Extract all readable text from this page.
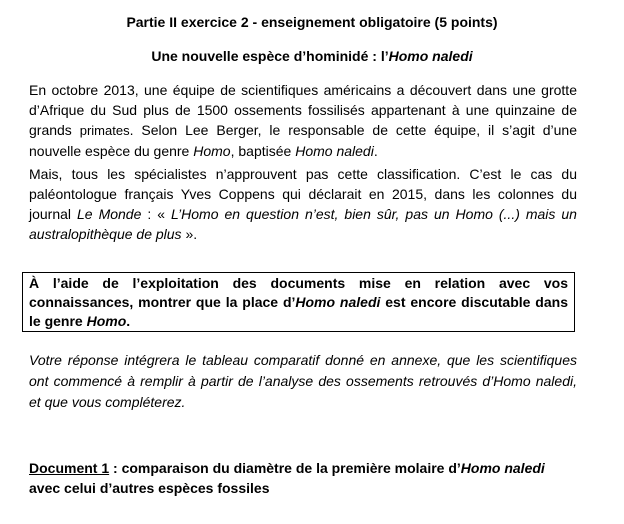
Partie II exercice 2 - enseignement obligatoire (5 points)
Une nouvelle espèce d’hominidé : l’Homo naledi

En octobre 2013, une équipe de scientifiques américains a découvert dans une grotte d’Afrique du Sud plus de 1500 ossements fossilisés appartenant à une quinzaine de grands primates. Selon Lee Berger, le responsable de cette équipe, il s’agit d’une nouvelle espèce du genre Homo, baptisée Homo naledi.

Mais, tous les spécialistes n’approuvent pas cette classification. C’est le cas du paléontologue français Yves Coppens qui déclarait en 2015, dans les colonnes du journal Le Monde : « L’Homo en question n’est, bien sûr, pas un Homo (...) mais un australopithèque de plus ».

À l’aide de l’exploitation des documents mise en relation avec vos connaissances, montrer que la place d’Homo naledi est encore discutable dans le genre Homo.

Votre réponse intégrera le tableau comparatif donné en annexe, que les scientifiques ont commencé à remplir à partir de l’analyse des ossements retrouvés d’Homo naledi, et que vous compléterez.

Document 1 : comparaison du diamètre de la première molaire d’Homo naledi avec celui d’autres espèces fossiles
